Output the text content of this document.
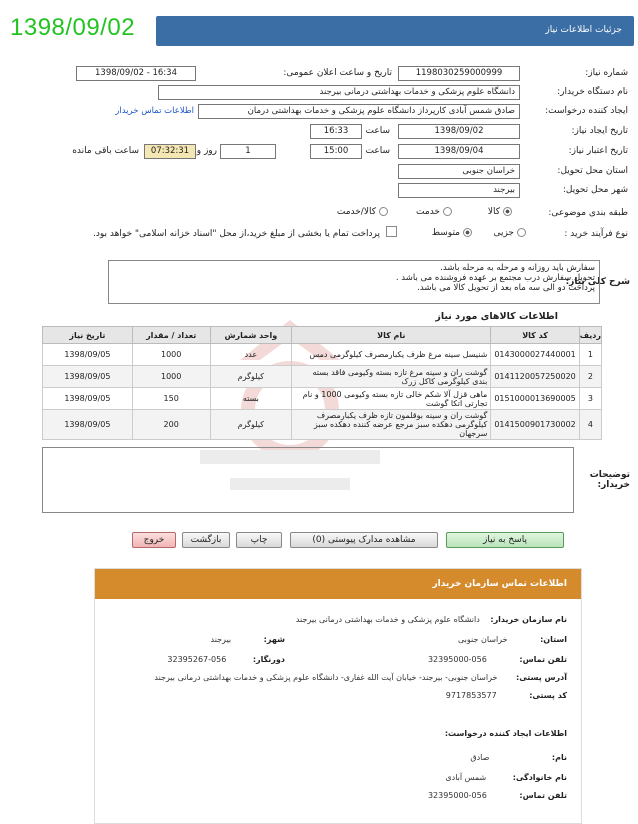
1398/09/02	جزئیات اطلاعات نیاز
شماره نیاز:
1198030259000999
تاریخ و ساعت اعلان عمومی:
1398/09/02 - 16:34
نام دستگاه خریدار:
دانشگاه علوم پزشکی و خدمات بهداشتی درمانی بیرجند
ایجاد کننده درخواست:
صادق شمس آبادی کارپرداز دانشگاه علوم پزشکی و خدمات بهداشتی درمان
اطلاعات تماس خریدار
تاریخ ایجاد نیاز:
1398/09/02
ساعت
16:33
تاریخ اعتبار نیاز:
1398/09/04
ساعت
15:00
1
روز و
07:32:31
ساعت باقی مانده
استان محل تحویل:
خراسان جنوبی
شهر محل تحویل:
بیرجند
طبقه بندی موضوعی:
کالا
خدمت
کالا/خدمت
نوع فرآیند خرید :
جزیی
متوسط
پرداخت تمام یا بخشی از مبلغ خرید،از محل "اسناد خزانه اسلامی" خواهد بود.
شرح کلی نیاز:
سفارش باید روزانه و مرحله به مرحله باشد.
تحویل سفارش درب مجتمع بر عهده فروشنده می باشد .
پرداخت دو الی سه ماه بعد از تحویل کالا می باشد.
اطلاعات کالاهای مورد نیاز
ردیف	کد کالا	نام کالا	واحد شمارش	تعداد / مقدار	تاریخ نیاز
1	0143000027440001	شنیسل سینه مرغ ظرف یکبارمصرف کیلوگرمی دمس	عدد	1000	1398/09/05
2	0141120057250020	گوشت ران و سینه مرغ تازه بسته وکیومی فاقد بسته بندی کیلوگرمی کاکل زرک	کیلوگرم	1000	1398/09/05
3	0151000013690005	ماهی قزل آلا شکم خالی تازه بسته وکیومی 1000 و نام تجارتی اتکا گوشت	بسته	150	1398/09/05
4	0141500901730002	گوشت ران و سینه بوقلمون تازه ظرف یکبارمصرف کیلوگرمی دهکده سبز مرجع عرضه کننده دهکده سبز سرجهان	کیلوگرم	200	1398/09/05
توضیحات خریدار:
پاسخ به نیاز
مشاهده مدارک پیوستی (0)
چاپ
بازگشت
خروج
اطلاعات تماس سازمان خریدار
نام سازمان خریدار: دانشگاه علوم پزشکی و خدمات بهداشتی درمانی بیرجند
استان: خراسان جنوبی
شهر: بیرجند
تلفن تماس: 056-32395000
دورنگار: 056-32395267
آدرس پستی: خراسان جنوبی- بیرجند- خیابان آیت الله غفاری- دانشگاه علوم پزشکی و خدمات بهداشتی درمانی بیرجند
کد پستی: 9717853577
اطلاعات ایجاد کننده درخواست:
نام: صادق
نام خانوادگی: شمس آبادی
تلفن تماس: 056-32395000
